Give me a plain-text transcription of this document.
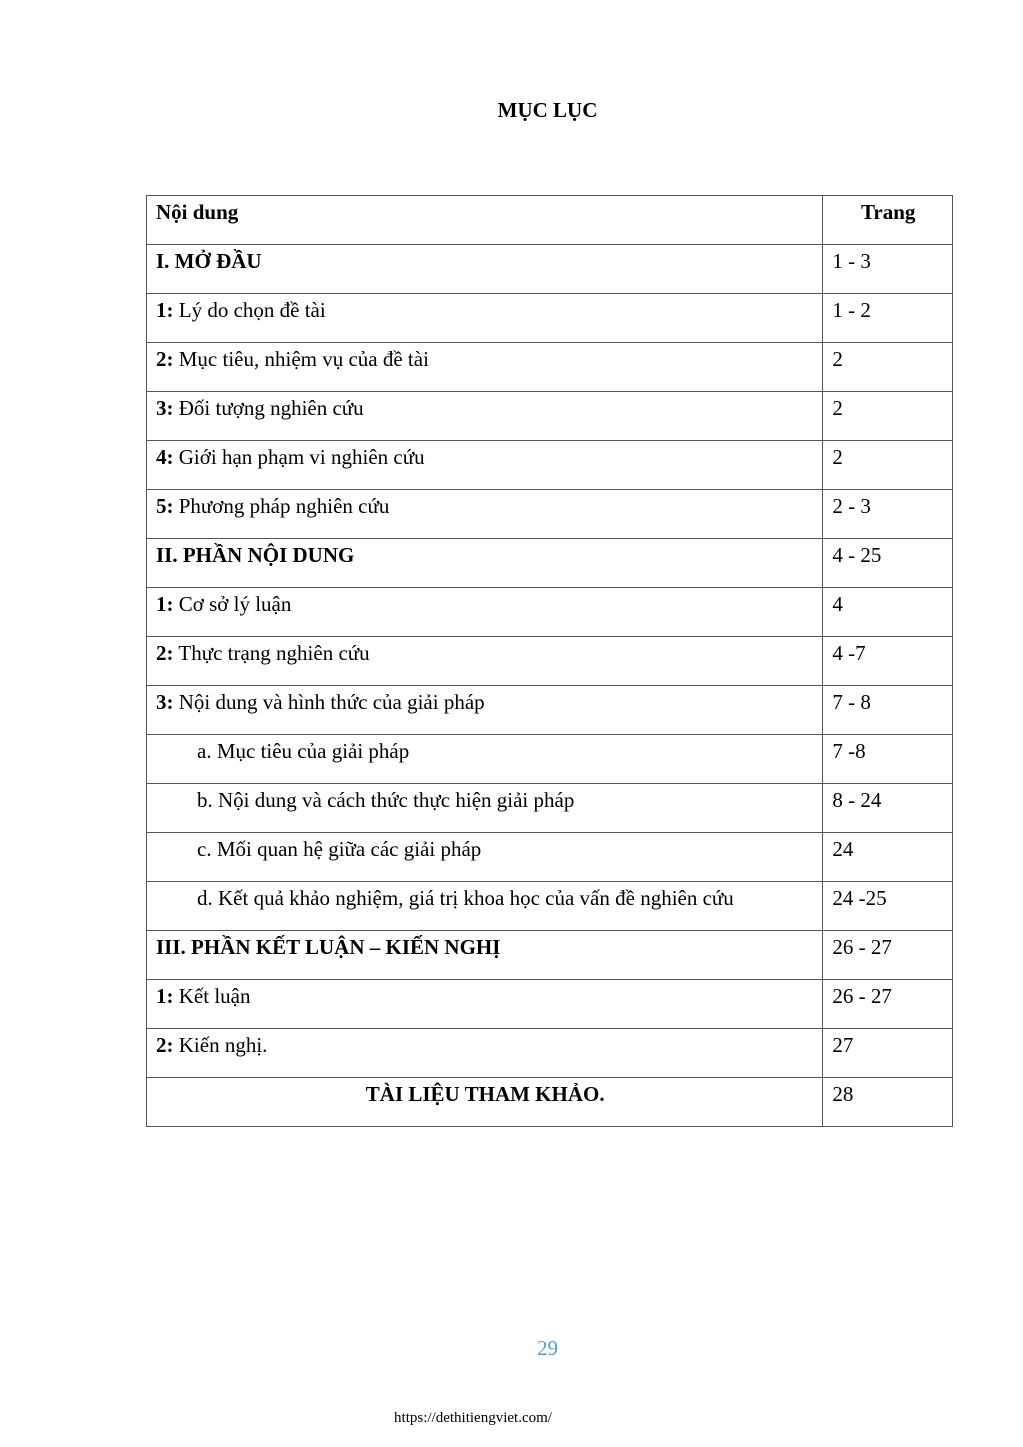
MỤC LỤC
Nội dung	Trang
I. MỞ ĐẦU	1 - 3
1: Lý do chọn đề tài	1 - 2
2: Mục tiêu, nhiệm vụ của đề tài	2
3: Đối tượng nghiên cứu	2
4: Giới hạn phạm vi nghiên cứu	2
5: Phương pháp nghiên cứu	2 - 3
II. PHẦN NỘI DUNG	4 - 25
1: Cơ sở lý luận	4
2: Thực trạng nghiên cứu	4 -7
3: Nội dung và hình thức của giải pháp	7 - 8
a. Mục tiêu của giải pháp	7 -8
b. Nội dung và cách thức thực hiện giải pháp	8 - 24
c. Mối quan hệ giữa các giải pháp	24
d. Kết quả khảo nghiệm, giá trị khoa học của vấn đề nghiên cứu	24 -25
III. PHẦN KẾT LUẬN – KIẾN NGHỊ	26 - 27
1: Kết luận	26 - 27
2: Kiến nghị.	27
TÀI LIỆU THAM KHẢO.	28
29
https://dethitiengviet.com/
